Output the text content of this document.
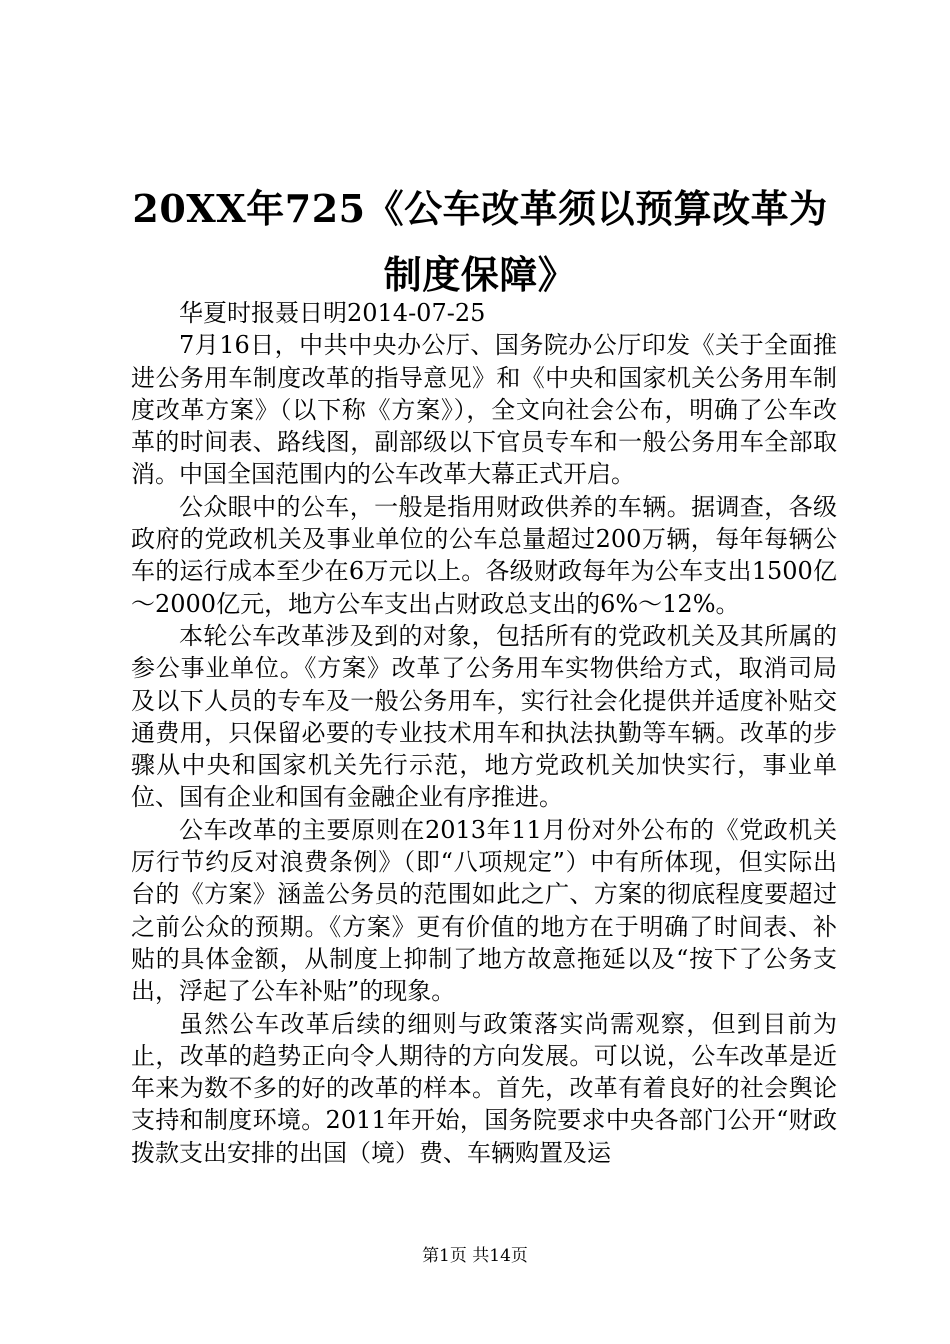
20XX年725《公车改革须以预算改革为制度保障》

华夏时报聂日明2014-07-25

7月16日，中共中央办公厅、国务院办公厅印发《关于全面推进公务用车制度改革的指导意见》和《中央和国家机关公务用车制度改革方案》（以下称《方案》），全文向社会公布，明确了公车改革的时间表、路线图，副部级以下官员专车和一般公务用车全部取消。中国全国范围内的公车改革大幕正式开启。

公众眼中的公车，一般是指用财政供养的车辆。据调查，各级政府的党政机关及事业单位的公车总量超过200万辆，每年每辆公车的运行成本至少在6万元以上。各级财政每年为公车支出1500亿～2000亿元，地方公车支出占财政总支出的6%～12%。

本轮公车改革涉及到的对象，包括所有的党政机关及其所属的参公事业单位。《方案》改革了公务用车实物供给方式，取消司局及以下人员的专车及一般公务用车，实行社会化提供并适度补贴交通费用，只保留必要的专业技术用车和执法执勤等车辆。改革的步骤从中央和国家机关先行示范，地方党政机关加快实行，事业单位、国有企业和国有金融企业有序推进。

公车改革的主要原则在2013年11月份对外公布的《党政机关厉行节约反对浪费条例》（即“八项规定”）中有所体现，但实际出台的《方案》涵盖公务员的范围如此之广、方案的彻底程度要超过之前公众的预期。《方案》更有价值的地方在于明确了时间表、补贴的具体金额，从制度上抑制了地方故意拖延以及“按下了公务支出，浮起了公车补贴”的现象。

虽然公车改革后续的细则与政策落实尚需观察，但到目前为止，改革的趋势正向令人期待的方向发展。可以说，公车改革是近年来为数不多的好的改革的样本。首先，改革有着良好的社会舆论支持和制度环境。2011年开始，国务院要求中央各部门公开“财政拨款支出安排的出国（境）费、车辆购置及运

第1页 共14页
